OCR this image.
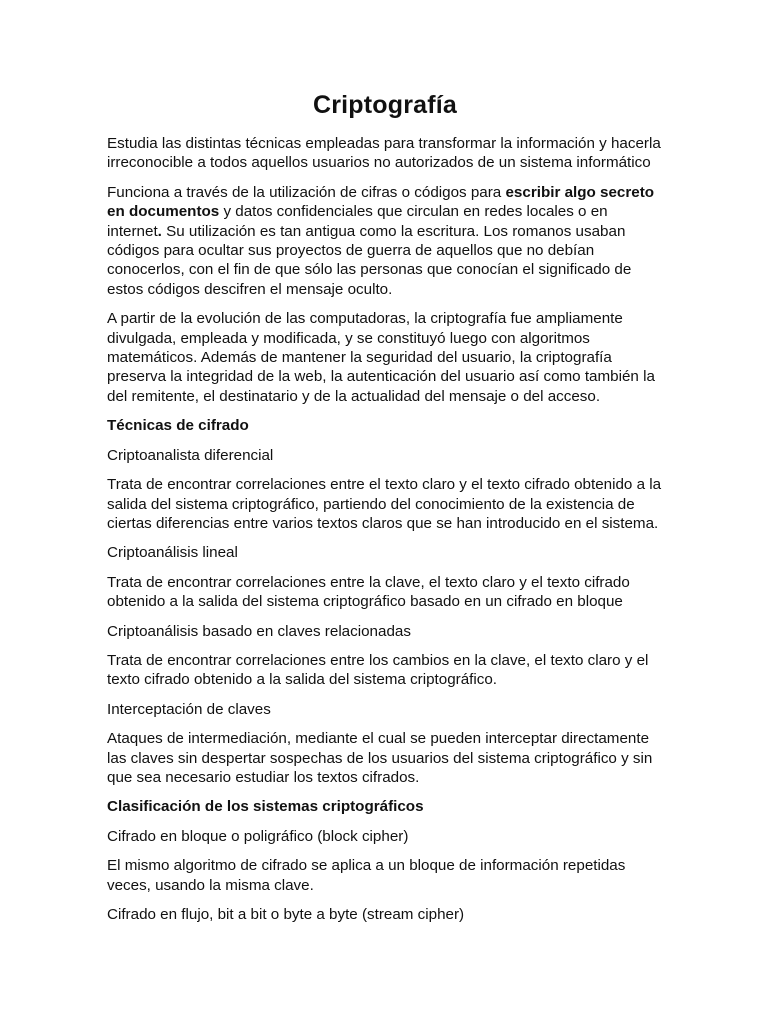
Criptografía

Estudia las distintas técnicas empleadas para transformar la información y hacerla irreconocible a todos aquellos usuarios no autorizados de un sistema informático

Funciona a través de la utilización de cifras o códigos para escribir algo secreto en documentos y datos confidenciales que circulan en redes locales o en internet. Su utilización es tan antigua como la escritura. Los romanos usaban códigos para ocultar sus proyectos de guerra de aquellos que no debían conocerlos, con el fin de que sólo las personas que conocían el significado de estos códigos descifren el mensaje oculto.

A partir de la evolución de las computadoras, la criptografía fue ampliamente divulgada, empleada y modificada, y se constituyó luego con algoritmos matemáticos. Además de mantener la seguridad del usuario, la criptografía preserva la integridad de la web, la autenticación del usuario así como también la del remitente, el destinatario y de la actualidad del mensaje o del acceso.

Técnicas de cifrado

Criptoanalista diferencial

Trata de encontrar correlaciones entre el texto claro y el texto cifrado obtenido a la salida del sistema criptográfico, partiendo del conocimiento de la existencia de ciertas diferencias entre varios textos claros que se han introducido en el sistema.

Criptoanálisis lineal

Trata de encontrar correlaciones entre la clave, el texto claro y el texto cifrado obtenido a la salida del sistema criptográfico basado en un cifrado en bloque

Criptoanálisis basado en claves relacionadas

Trata de encontrar correlaciones entre los cambios en la clave, el texto claro y el texto cifrado obtenido a la salida del sistema criptográfico.

Interceptación de claves

Ataques de intermediación, mediante el cual se pueden interceptar directamente las claves sin despertar sospechas de los usuarios del sistema criptográfico y sin que sea necesario estudiar los textos cifrados.

Clasificación de los sistemas criptográficos

Cifrado en bloque o poligráfico (block cipher)

El mismo algoritmo de cifrado se aplica a un bloque de información repetidas veces, usando la misma clave.

Cifrado en flujo, bit a bit o byte a byte (stream cipher)
